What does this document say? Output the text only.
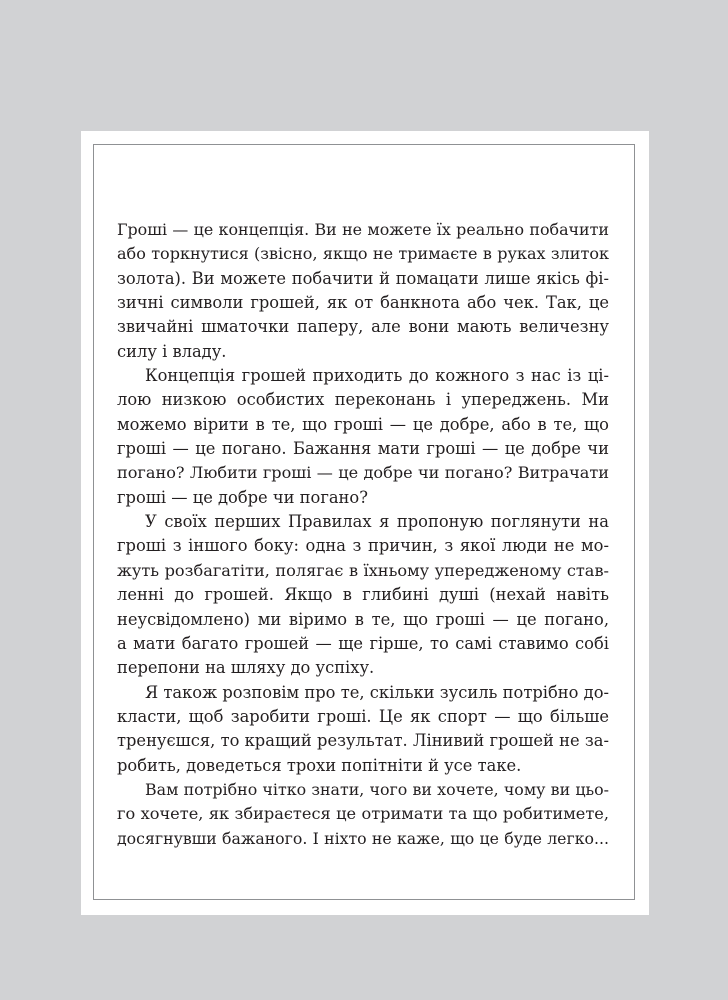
Гроші — це концепція. Ви не можете їх реально побачити
або торкнутися (звісно, якщо не тримаєте в руках злиток
золота). Ви можете побачити й помацати лише якісь фі-
зичні символи грошей, як от банкнота або чек. Так, це
звичайні шматочки паперу, але вони мають величезну
силу і владу.

Концепція грошей приходить до кожного з нас із ці-
лою низкою особистих переконань і упереджень. Ми
можемо вірити в те, що гроші — це добре, або в те, що
гроші — це погано. Бажання мати гроші — це добре чи
погано? Любити гроші — це добре чи погано? Витрачати
гроші — це добре чи погано?

У своїх перших Правилах я пропоную поглянути на
гроші з іншого боку: одна з причин, з якої люди не мо-
жуть розбагатіти, полягає в їхньому упередженому став-
ленні до грошей. Якщо в глибині душі (нехай навіть
неусвідомлено) ми віримо в те, що гроші — це погано,
а мати багато грошей — ще гірше, то самі ставимо собі
перепони на шляху до успіху.

Я також розповім про те, скільки зусиль потрібно до-
класти, щоб заробити гроші. Це як спорт — що більше
тренуєшся, то кращий результат. Лінивий грошей не за-
робить, доведеться трохи попітніти й усе таке.

Вам потрібно чітко знати, чого ви хочете, чому ви цьо-
го хочете, як збираєтеся це отримати та що робитимете,
досягнувши бажаного. І ніхто не каже, що це буде легко...
